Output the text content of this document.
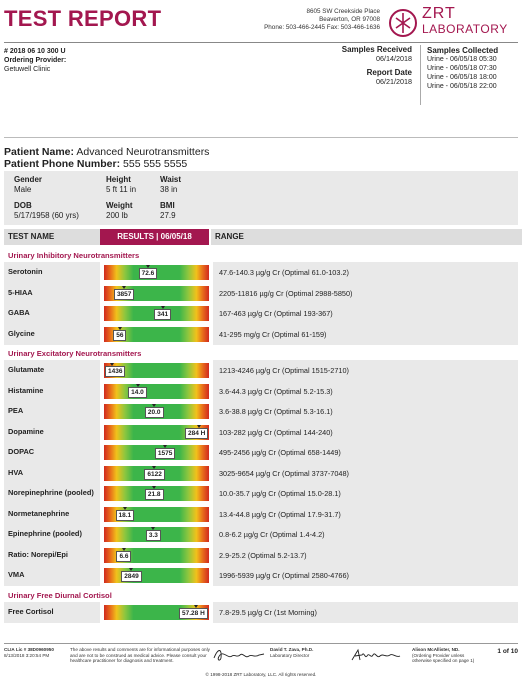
TEST REPORT	8605 SW Creekside Place
Beaverton, OR 97008
Phone: 503-466-2445 Fax: 503-466-1636
ZRT
LABORATORY
# 2018 06 10 300 U
Ordering Provider:
Getuwell Clinic
Samples Received
06/14/2018
Report Date
06/21/2018
Samples Collected
Urine - 06/05/18 05:30
Urine - 06/05/18 07:30
Urine - 06/05/18 18:00
Urine - 06/05/18 22:00
Patient Name: Advanced Neurotransmitters
Patient Phone Number: 555 555 5555
Gender
Male
Height
5 ft 11 in
Waist
38 in
DOB
5/17/1958 (60 yrs)
Weight
200 lb
BMI
27.9
TEST NAME	RESULTS | 06/05/18	RANGE
Urinary Inhibitory Neurotransmitters
Urinary Excitatory Neurotransmitters
Urinary Free Diurnal Cortisol
Serotonin	72.6	47.6-140.3 µg/g Cr (Optimal 61.0-103.2)
5-HIAA	3857	2205-11816 µg/g Cr (Optimal 2988-5850)
GABA	341	167-463 µg/g Cr (Optimal 193-367)
Glycine	56	41-295 mg/g Cr (Optimal 61-159)
Glutamate	1436	1213-4246 µg/g Cr (Optimal 1515-2710)
Histamine	14.0	3.6-44.3 µg/g Cr (Optimal 5.2-15.3)
PEA	20.0	3.6-38.8 µg/g Cr (Optimal 5.3-16.1)
Dopamine	284 H	103-282 µg/g Cr (Optimal 144-240)
DOPAC	1575	495-2456 µg/g Cr (Optimal 658-1449)
HVA	6122	3025-9654 µg/g Cr (Optimal 3737-7048)
Norepinephrine (pooled)	21.8	10.0-35.7 µg/g Cr (Optimal 15.0-28.1)
Normetanephrine	18.1	13.4-44.8 µg/g Cr (Optimal 17.9-31.7)
Epinephrine (pooled)	3.3	0.8-6.2 µg/g Cr (Optimal 1.4-4.2)
Ratio: Norepi/Epi	6.6	2.9-25.2 (Optimal 5.2-13.7)
VMA	2849	1996-5939 µg/g Cr (Optimal 2580-4766)
Free Cortisol	57.28 H	7.8-29.5 µg/g Cr (1st Morning)
CLIA Lic # 38D0960950
8/13/2018 3:20:54 PM
The above results and comments are for informational purposes only and are not to be construed as medical advice. Please consult your healthcare practitioner for diagnosis and treatment.
David T. Zava, Ph.D.
Laboratory Director
Alison McAllister, ND.
(Ordering Provider unless otherwise specified on page 1)
1 of 10
© 1998-2018 ZRT Laboratory, LLC. All rights reserved.
